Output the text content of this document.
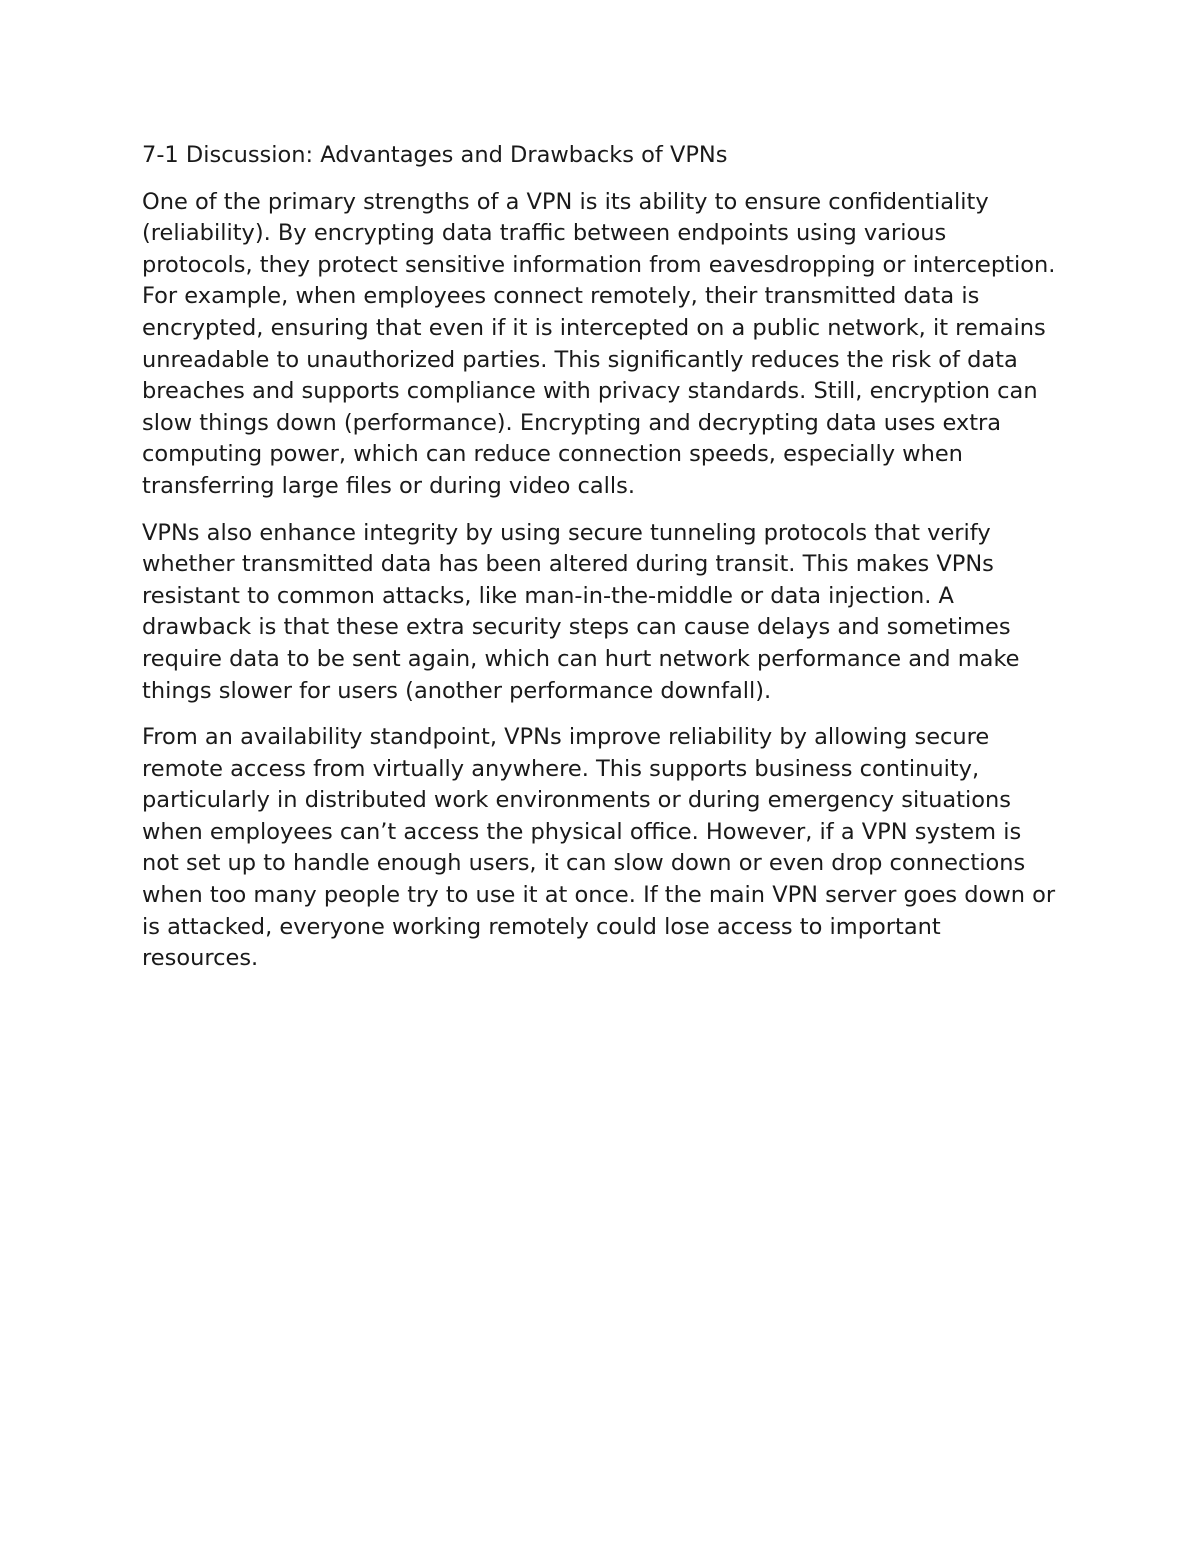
7-1 Discussion: Advantages and Drawbacks of VPNs

One of the primary strengths of a VPN is its ability to ensure confidentiality (reliability). By encrypting data traffic between endpoints using various protocols, they protect sensitive information from eavesdropping or interception. For example, when employees connect remotely, their transmitted data is encrypted, ensuring that even if it is intercepted on a public network, it remains unreadable to unauthorized parties. This significantly reduces the risk of data breaches and supports compliance with privacy standards. Still, encryption can slow things down (performance). Encrypting and decrypting data uses extra computing power, which can reduce connection speeds, especially when transferring large files or during video calls.

VPNs also enhance integrity by using secure tunneling protocols that verify whether transmitted data has been altered during transit. This makes VPNs resistant to common attacks, like man-in-the-middle or data injection. A drawback is that these extra security steps can cause delays and sometimes require data to be sent again, which can hurt network performance and make things slower for users (another performance downfall).

From an availability standpoint, VPNs improve reliability by allowing secure remote access from virtually anywhere. This supports business continuity, particularly in distributed work environments or during emergency situations when employees can’t access the physical office. However, if a VPN system is not set up to handle enough users, it can slow down or even drop connections when too many people try to use it at once. If the main VPN server goes down or is attacked, everyone working remotely could lose access to important resources.
